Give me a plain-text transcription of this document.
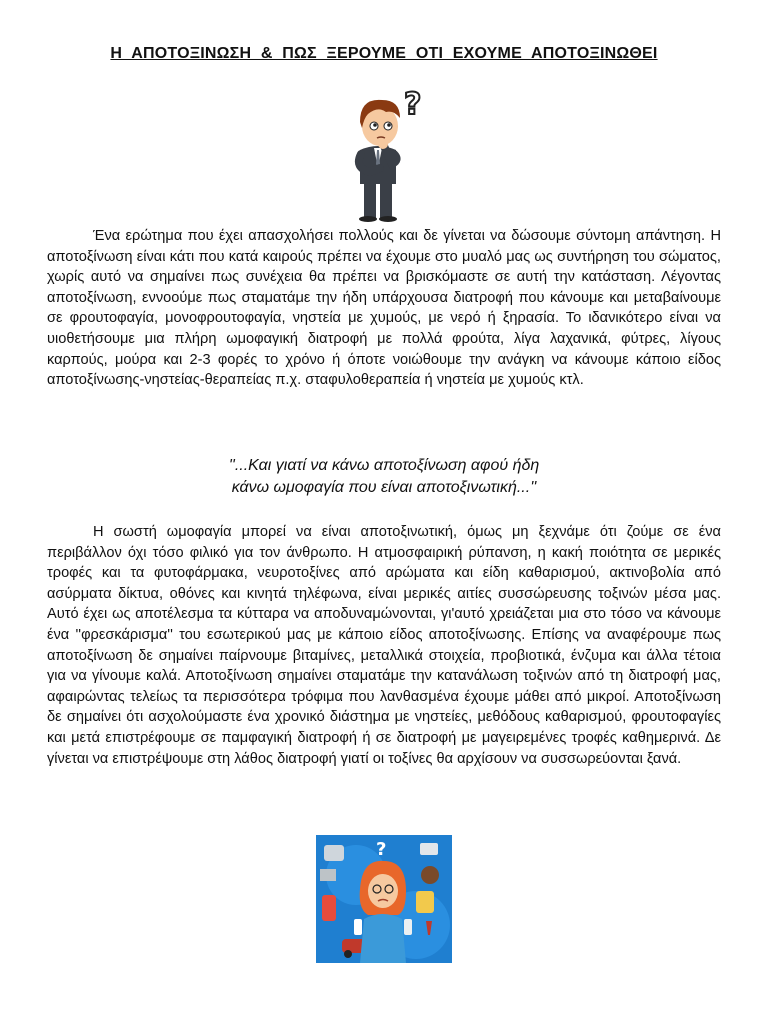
Η ΑΠΟΤΟΞΙΝΩΣΗ & ΠΩΣ ΞΕΡΟΥΜΕ ΟΤΙ ΕΧΟΥΜΕ ΑΠΟΤΟΞΙΝΩΘΕΙ
?

Ένα ερώτημα που έχει απασχολήσει πολλούς και δε γίνεται να δώσουμε σύντομη απάντηση. Η αποτοξίνωση είναι κάτι που κατά καιρούς πρέπει να έχουμε στο μυαλό μας ως συντήρηση του σώματος, χωρίς αυτό να σημαίνει πως συνέχεια θα πρέπει να βρισκόμαστε σε αυτή την κατάσταση. Λέγοντας αποτοξίνωση, εννοούμε πως σταματάμε την ήδη υπάρχουσα διατροφή που κάνουμε και μεταβαίνουμε σε φρουτοφαγία, μονοφρουτοφαγία, νηστεία με χυμούς, με νερό ή ξηρασία. Το ιδανικότερο είναι να υιοθετήσουμε μια πλήρη ωμοφαγική διατροφή με πολλά φρούτα, λίγα λαχανικά, φύτρες, λίγους καρπούς, μούρα και 2-3 φορές το χρόνο ή όποτε νοιώθουμε την ανάγκη να κάνουμε κάποιο είδος αποτοξίνωσης-νηστείας-θεραπείας π.χ. σταφυλοθεραπεία ή νηστεία με χυμούς κτλ.

''...Και γιατί να κάνω αποτοξίνωση αφού ήδη
κάνω ωμοφαγία που είναι αποτοξινωτική...''

Η σωστή ωμοφαγία μπορεί να είναι αποτοξινωτική, όμως μη ξεχνάμε ότι ζούμε σε ένα περιβάλλον όχι τόσο φιλικό για τον άνθρωπο. Η ατμοσφαιρική ρύπανση, η κακή ποιότητα σε μερικές τροφές και τα φυτοφάρμακα, νευροτοξίνες από αρώματα και είδη καθαρισμού, ακτινοβολία από ασύρματα δίκτυα, οθόνες και κινητά τηλέφωνα, είναι μερικές αιτίες συσσώρευσης τοξινών μέσα μας. Αυτό έχει ως αποτέλεσμα τα κύτταρα να αποδυναμώνονται, γι'αυτό χρειάζεται μια στο τόσο να κάνουμε ένα ''φρεσκάρισμα'' του εσωτερικού μας με κάποιο είδος αποτοξίνωσης. Επίσης να αναφέρουμε πως αποτοξίνωση δε σημαίνει παίρνουμε βιταμίνες, μεταλλικά στοιχεία, προβιοτικά, ένζυμα και άλλα τέτοια για να γίνουμε καλά. Αποτοξίνωση σημαίνει σταματάμε την κατανάλωση τοξινών από τη διατροφή μας, αφαιρώντας τελείως τα περισσότερα τρόφιμα που λανθασμένα έχουμε μάθει από μικροί. Αποτοξίνωση δε σημαίνει ότι ασχολούμαστε ένα χρονικό διάστημα με νηστείες, μεθόδους καθαρισμού, φρουτοφαγίες και μετά επιστρέφουμε σε παμφαγική διατροφή ή σε διατροφή με μαγειρεμένες τροφές καθημερινά. Δε γίνεται να επιστρέψουμε στη λάθος διατροφή γιατί οι τοξίνες θα αρχίσουν να συσσωρεύονται ξανά.

?
